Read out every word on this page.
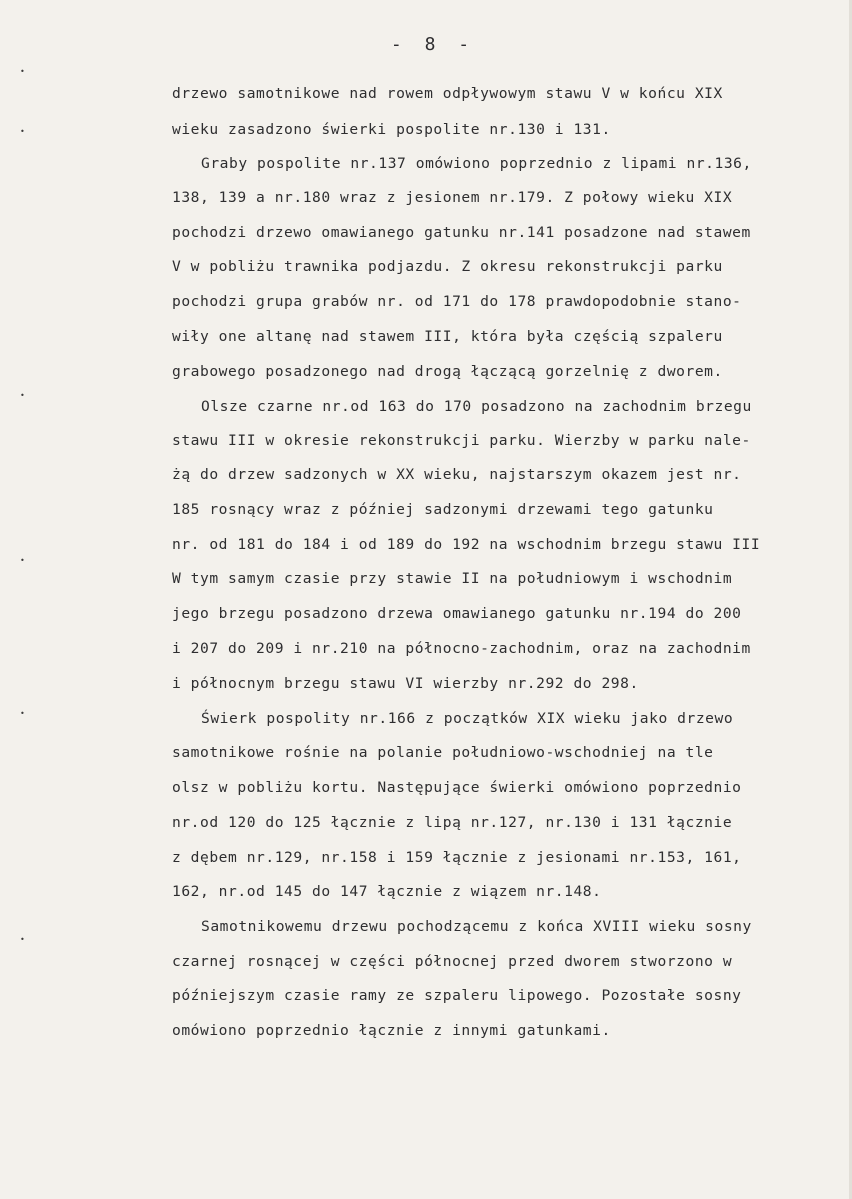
- 8 -
•
•
•
•
•
•
drzewo samotnikowe nad rowem odpływowym stawu V w końcu XIX
wieku zasadzono świerki pospolite nr.130 i 131.
Graby pospolite nr.137 omówiono poprzednio z lipami nr.136,
138, 139 a nr.180 wraz z jesionem nr.179. Z połowy wieku XIX
pochodzi drzewo omawianego gatunku nr.141 posadzone nad stawem
V w pobliżu trawnika podjazdu. Z okresu rekonstrukcji parku
pochodzi grupa grabów nr. od 171 do 178 prawdopodobnie stano-
wiły one altanę nad stawem III, która była częścią szpaleru
grabowego posadzonego nad drogą łączącą gorzelnię z dworem.
Olsze czarne nr.od 163 do 170 posadzono na zachodnim brzegu
stawu III w okresie rekonstrukcji parku. Wierzby w parku nale-
żą do drzew sadzonych w XX wieku, najstarszym okazem jest nr.
185 rosnący wraz z później sadzonymi drzewami tego gatunku
nr. od 181 do 184 i od 189 do 192 na wschodnim brzegu stawu III
W tym samym czasie przy stawie II na południowym i wschodnim
jego brzegu posadzono drzewa omawianego gatunku nr.194 do 200
i 207 do 209 i nr.210 na północno-zachodnim, oraz na zachodnim
i północnym brzegu stawu VI wierzby nr.292 do 298.
Świerk pospolity nr.166 z początków XIX wieku jako drzewo
samotnikowe rośnie na polanie południowo-wschodniej na tle
olsz w pobliżu kortu. Następujące świerki omówiono poprzednio
nr.od 120 do 125 łącznie z lipą nr.127, nr.130 i 131 łącznie
z dębem nr.129, nr.158 i 159 łącznie z jesionami nr.153, 161,
162, nr.od 145 do 147 łącznie z wiązem nr.148.
Samotnikowemu drzewu pochodzącemu z końca XVIII wieku sosny
czarnej rosnącej w części północnej przed dworem stworzono w
późniejszym czasie ramy ze szpaleru lipowego. Pozostałe sosny
omówiono poprzednio łącznie z innymi gatunkami.
